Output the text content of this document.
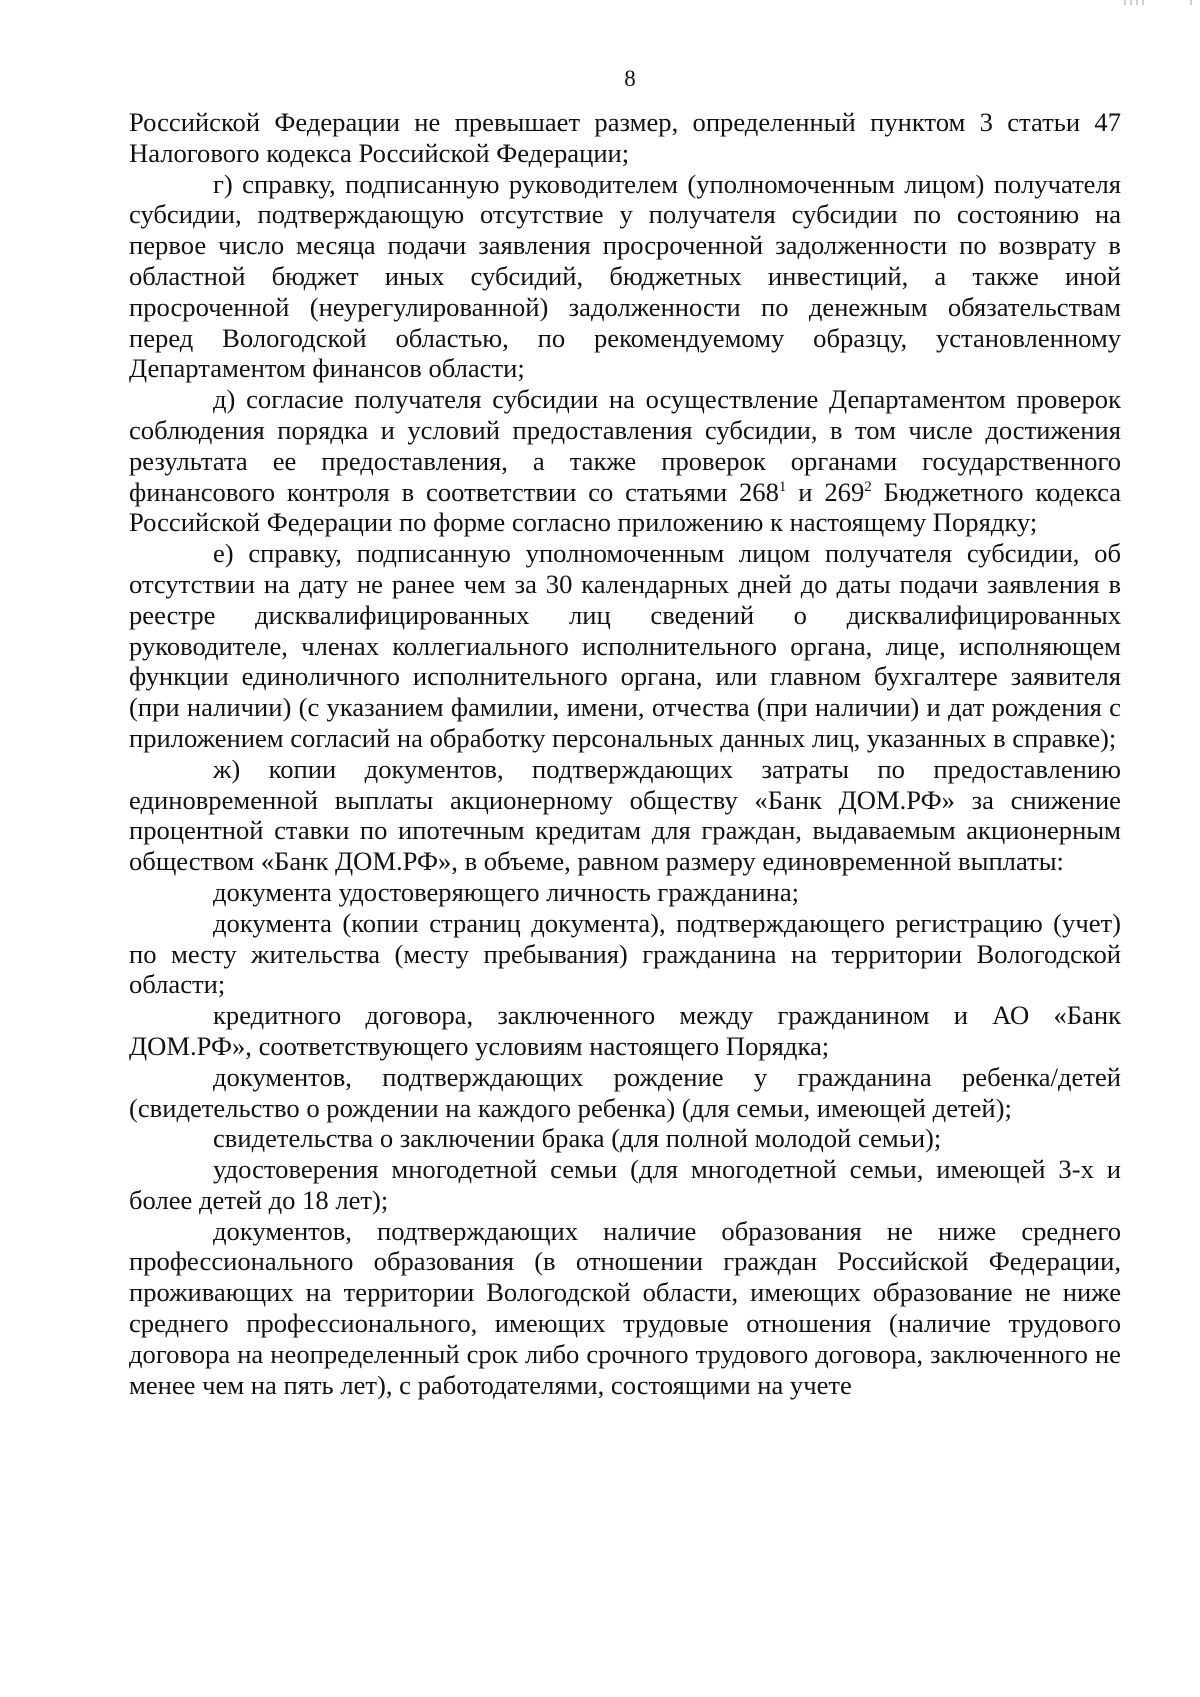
8

Российской Федерации не превышает размер, определенный пунктом 3 статьи 47 Налогового кодекса Российской Федерации;

г) справку, подписанную руководителем (уполномоченным лицом) получателя субсидии, подтверждающую отсутствие у получателя субсидии по состоянию на первое число месяца подачи заявления просроченной задолженности по возврату в областной бюджет иных субсидий, бюджетных инвестиций, а также иной просроченной (неурегулированной) задолженности по денежным обязательствам перед Вологодской областью, по рекомендуемому образцу, установленному Департаментом финансов области;

д) согласие получателя субсидии на осуществление Департаментом проверок соблюдения порядка и условий предоставления субсидии, в том числе достижения результата ее предоставления, а также проверок органами государственного финансового контроля в соответствии со статьями $268^1$ и $269^2$ Бюджетного кодекса Российской Федерации по форме согласно приложению к настоящему Порядку;

е) справку, подписанную уполномоченным лицом получателя субсидии, об отсутствии на дату не ранее чем за 30 календарных дней до даты подачи заявления в реестре дисквалифицированных лиц сведений о дисквалифицированных руководителе, членах коллегиального исполнительного органа, лице, исполняющем функции единоличного исполнительного органа, или главном бухгалтере заявителя (при наличии) (с указанием фамилии, имени, отчества (при наличии) и дат рождения с приложением согласий на обработку персональных данных лиц, указанных в справке);

ж) копии документов, подтверждающих затраты по предоставлению единовременной выплаты акционерному обществу «Банк ДОМ.РФ» за снижение процентной ставки по ипотечным кредитам для граждан, выдаваемым акционерным обществом «Банк ДОМ.РФ», в объеме, равном размеру единовременной выплаты:

документа удостоверяющего личность гражданина;

документа (копии страниц документа), подтверждающего регистрацию (учет) по месту жительства (месту пребывания) гражданина на территории Вологодской области;

кредитного договора, заключенного между гражданином и АО «Банк ДОМ.РФ», соответствующего условиям настоящего Порядка;

документов, подтверждающих рождение у гражданина ребенка/детей (свидетельство о рождении на каждого ребенка) (для семьи, имеющей детей);

свидетельства о заключении брака (для полной молодой семьи);

удостоверения многодетной семьи (для многодетной семьи, имеющей 3-х и более детей до 18 лет);

документов, подтверждающих наличие образования не ниже среднего профессионального образования (в отношении граждан Российской Федерации, проживающих на территории Вологодской области, имеющих образование не ниже среднего профессионального, имеющих трудовые отношения (наличие трудового договора на неопределенный срок либо срочного трудового договора, заключенного не менее чем на пять лет), с работодателями, состоящими на учете
